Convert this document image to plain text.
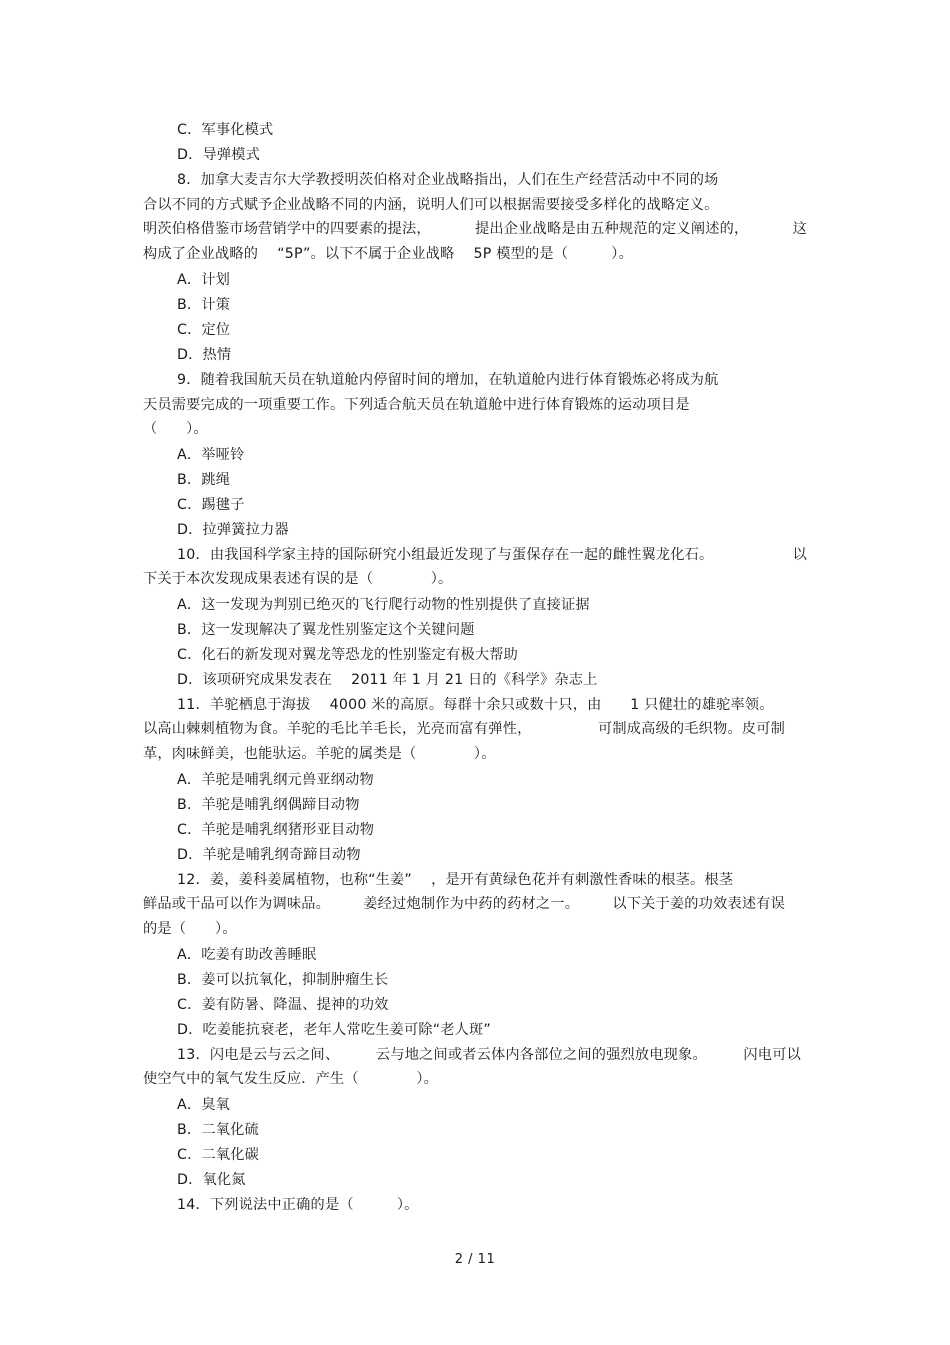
C．军事化模式
D．导弹模式
8．加拿大麦吉尔大学教授明茨伯格对企业战略指出，人们在生产经营活动中不同的场
合以不同的方式赋予企业战略不同的内涵，说明人们可以根据需要接受多样化的战略定义。
明茨伯格借鉴市场营销学中的四要素的提法，	提出企业战略是由五种规范的定义阐述的，	这
构成了企业战略的　 “5P”。以下不属于企业战略　 5P 模型的是（　　　）。
A．计划
B．计策
C．定位
D．热情
9．随着我国航天员在轨道舱内停留时间的增加，在轨道舱内进行体育锻炼必将成为航
天员需要完成的一项重要工作。下列适合航天员在轨道舱中进行体育锻炼的运动项目是
（　　）。
A．举哑铃
B．跳绳
C．踢毽子
D．拉弹簧拉力器
10．由我国科学家主持的国际研究小组最近发现了与蛋保存在一起的雌性翼龙化石。	以
下关于本次发现成果表述有误的是（　　　　）。
A．这一发现为判别已绝灭的飞行爬行动物的性别提供了直接证据
B．这一发现解决了翼龙性别鉴定这个关键问题
C．化石的新发现对翼龙等恐龙的性别鉴定有极大帮助
D．该项研究成果发表在　 2011 年 1 月 21 日的《科学》杂志上
11．羊驼栖息于海拔　 4000 米的高原。每群十余只或数十只，由　　1 只健壮的雄驼率领。
以高山棘刺植物为食。羊驼的毛比羊毛长，光亮而富有弹性，	可制成高级的毛织物。皮可制
革，肉味鲜美，也能驮运。羊驼的属类是（　　　　）。
A．羊驼是哺乳纲元兽亚纲动物
B．羊驼是哺乳纲偶蹄目动物
C．羊驼是哺乳纲猪形亚目动物
D．羊驼是哺乳纲奇蹄目动物
12．姜，姜科姜属植物，也称“生姜”　 ，是开有黄绿色花并有刺激性香味的根茎。根茎
鲜品或干品可以作为调味品。 姜经过炮制作为中药的药材之一。 以下关于姜的功效表述有误
的是（　　）。
A．吃姜有助改善睡眠
B．姜可以抗氧化，抑制肿瘤生长
C．姜有防暑、降温、提神的功效
D．吃姜能抗衰老，老年人常吃生姜可除“老人斑”
13．闪电是云与云之间、	云与地之间或者云体内各部位之间的强烈放电现象。	闪电可以
使空气中的氧气发生反应．产生（　　　　）。
A．臭氧
B．二氧化硫
C．二氧化碳
D．氧化氮
14．下列说法中正确的是（　　　）。
2 / 11
